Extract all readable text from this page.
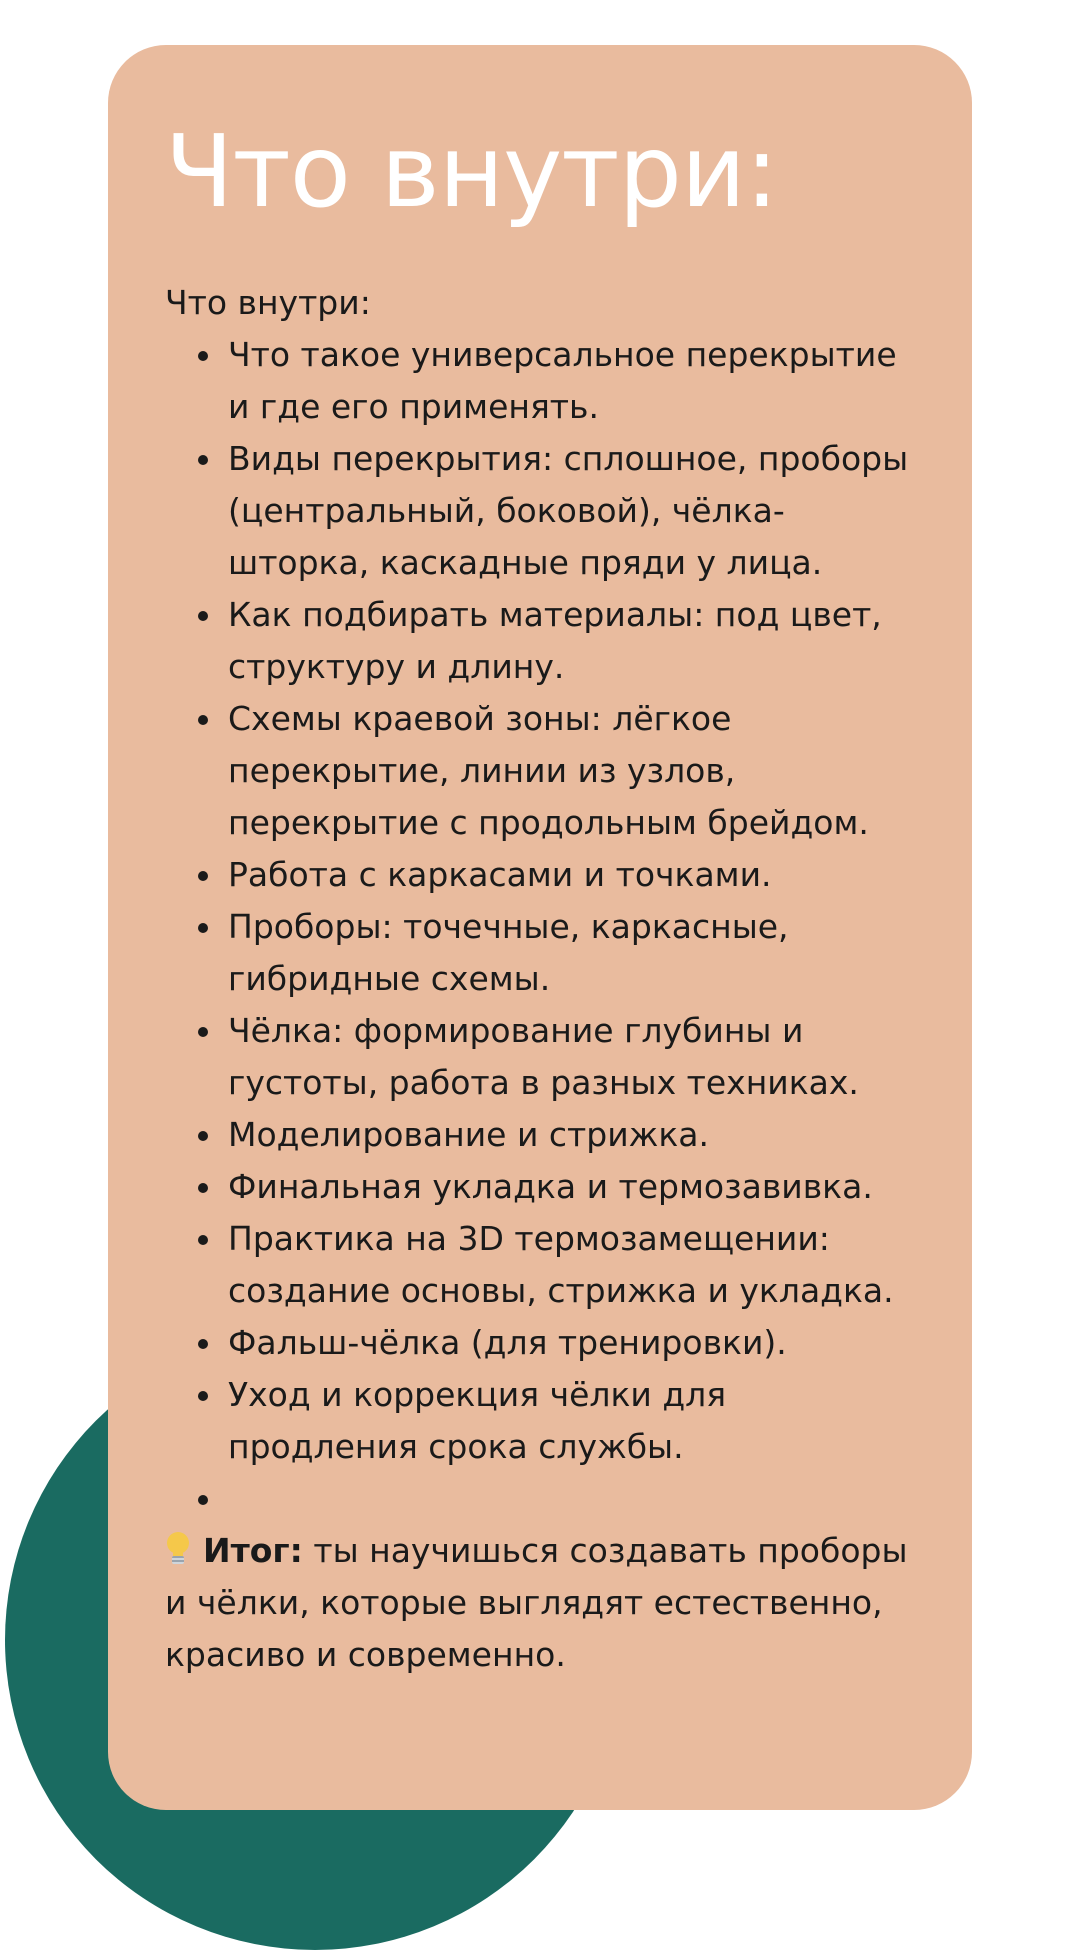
Что внутри:
Что внутри:
Что такое универсальное перекрытие и где его применять.
Виды перекрытия: сплошное, проборы (центральный, боковой), чёлка-шторка, каскадные пряди у лица.
Как подбирать материалы: под цвет, структуру и длину.
Схемы краевой зоны: лёгкое перекрытие, линии из узлов, перекрытие с продольным брейдом.
Работа с каркасами и точками.
Проборы: точечные, каркасные, гибридные схемы.
Чёлка: формирование глубины и густоты, работа в разных техниках.
Моделирование и стрижка.
Финальная укладка и термозавивка.
Практика на 3D термозамещении: создание основы, стрижка и укладка.
Фальш-чёлка (для тренировки).
Уход и коррекция чёлки для продления срока службы.

Итог: ты научишься создавать проборы и чёлки, которые выглядят естественно, красиво и современно.
